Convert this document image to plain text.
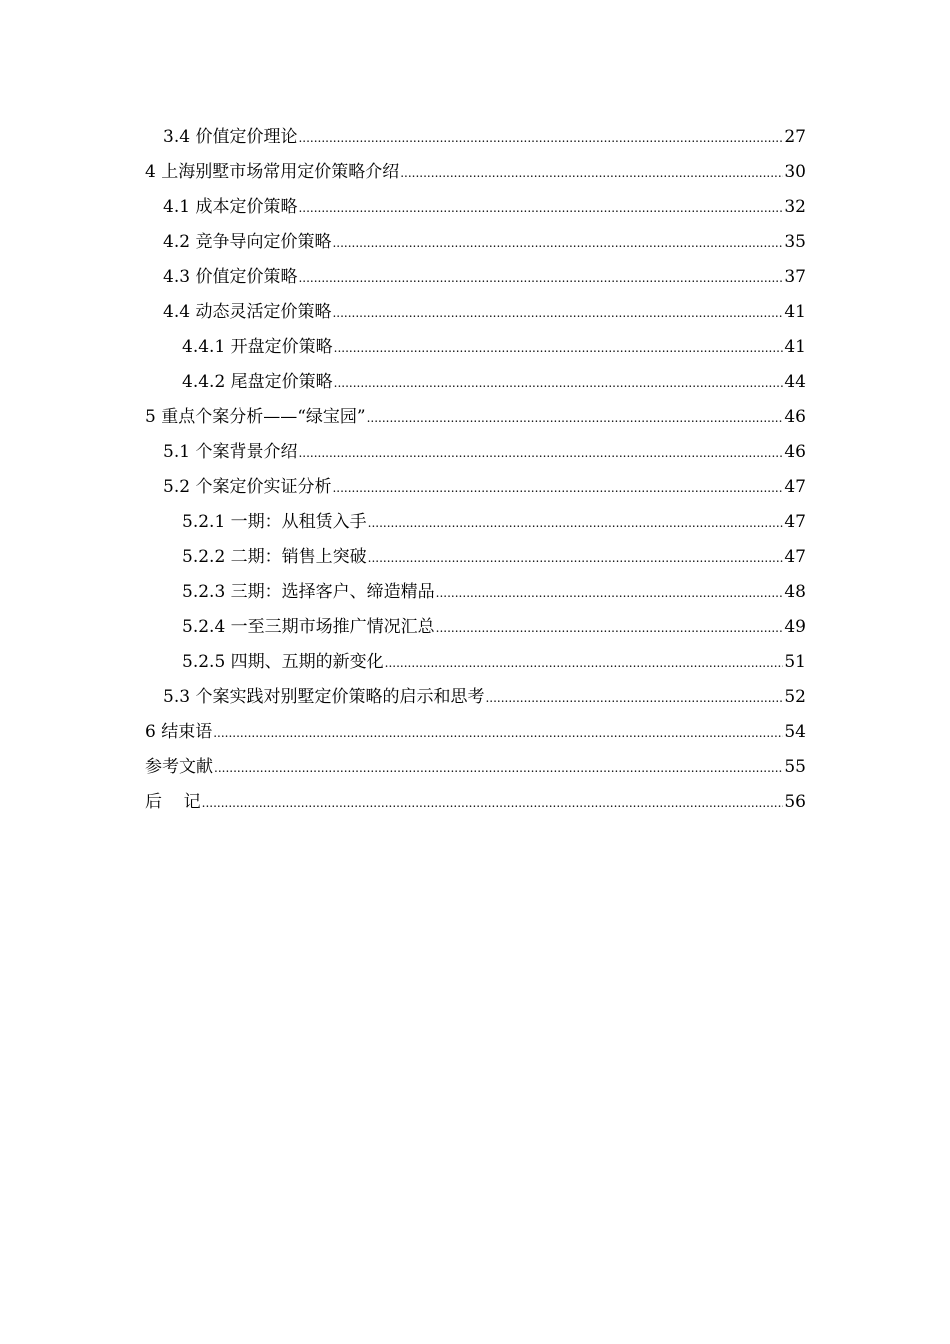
3.4 价值定价理论 .....	27
4 上海别墅市场常用定价策略介绍 .....	30
4.1 成本定价策略 .....	32
4.2 竞争导向定价策略 .....	35
4.3 价值定价策略 .....	37
4.4 动态灵活定价策略 .....	41
4.4.1 开盘定价策略 .....	41
4.4.2 尾盘定价策略 .....	44
5 重点个案分析——“绿宝园” .....	46
5.1 个案背景介绍 .....	46
5.2 个案定价实证分析 .....	47
5.2.1 一期：从租赁入手 .....	47
5.2.2 二期：销售上突破 .....	47
5.2.3 三期：选择客户、缔造精品 .....	48
5.2.4 一至三期市场推广情况汇总 .....	49
5.2.5 四期、五期的新变化 .....	51
5.3 个案实践对别墅定价策略的启示和思考 .....	52
6 结束语 .....	54
参考文献 .....	55
后    记 .....	56
